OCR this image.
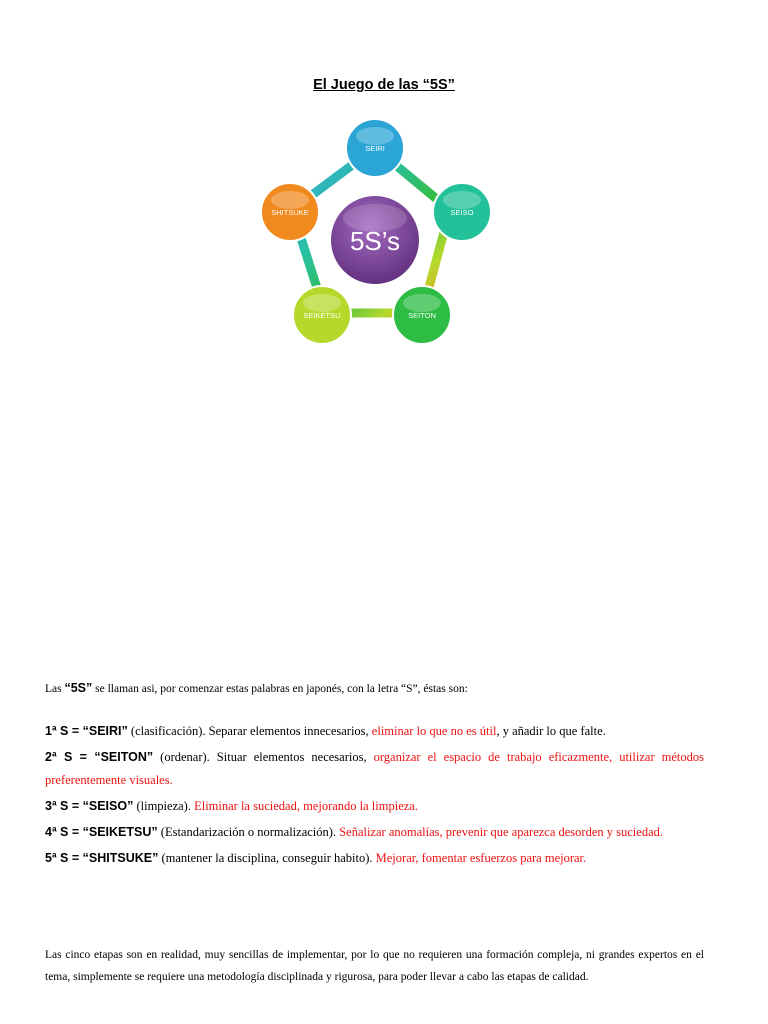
El Juego de las “5S”
5S’s
SEIRI
SEISO
SEITON
SEIKETSU
SHITSUKE
Las “5S” se llaman asi, por comenzar estas palabras en japonés, con la letra “S”, éstas son:
1ª S = “SEIRI” (clasificación). Separar elementos innecesarios, eliminar lo que no es útil, y añadir lo que falte.
2ª S = “SEITON” (ordenar). Situar elementos necesarios, organizar el espacio de trabajo eficazmente, utilizar métodos preferentemente visuales.
3ª S = “SEISO” (limpieza). Eliminar la suciedad, mejorando la limpieza.
4ª S = “SEIKETSU” (Estandarización o normalización). Señalizar anomalías, prevenir que aparezca desorden y suciedad.
5ª S = “SHITSUKE” (mantener la disciplina, conseguir habito). Mejorar, fomentar esfuerzos para mejorar.
Las cinco etapas son en realidad, muy sencillas de implementar, por lo que no requieren una formación compleja, ni grandes expertos en el tema, simplemente se requiere una metodología disciplinada y rigurosa, para poder llevar a cabo las etapas de calidad.
